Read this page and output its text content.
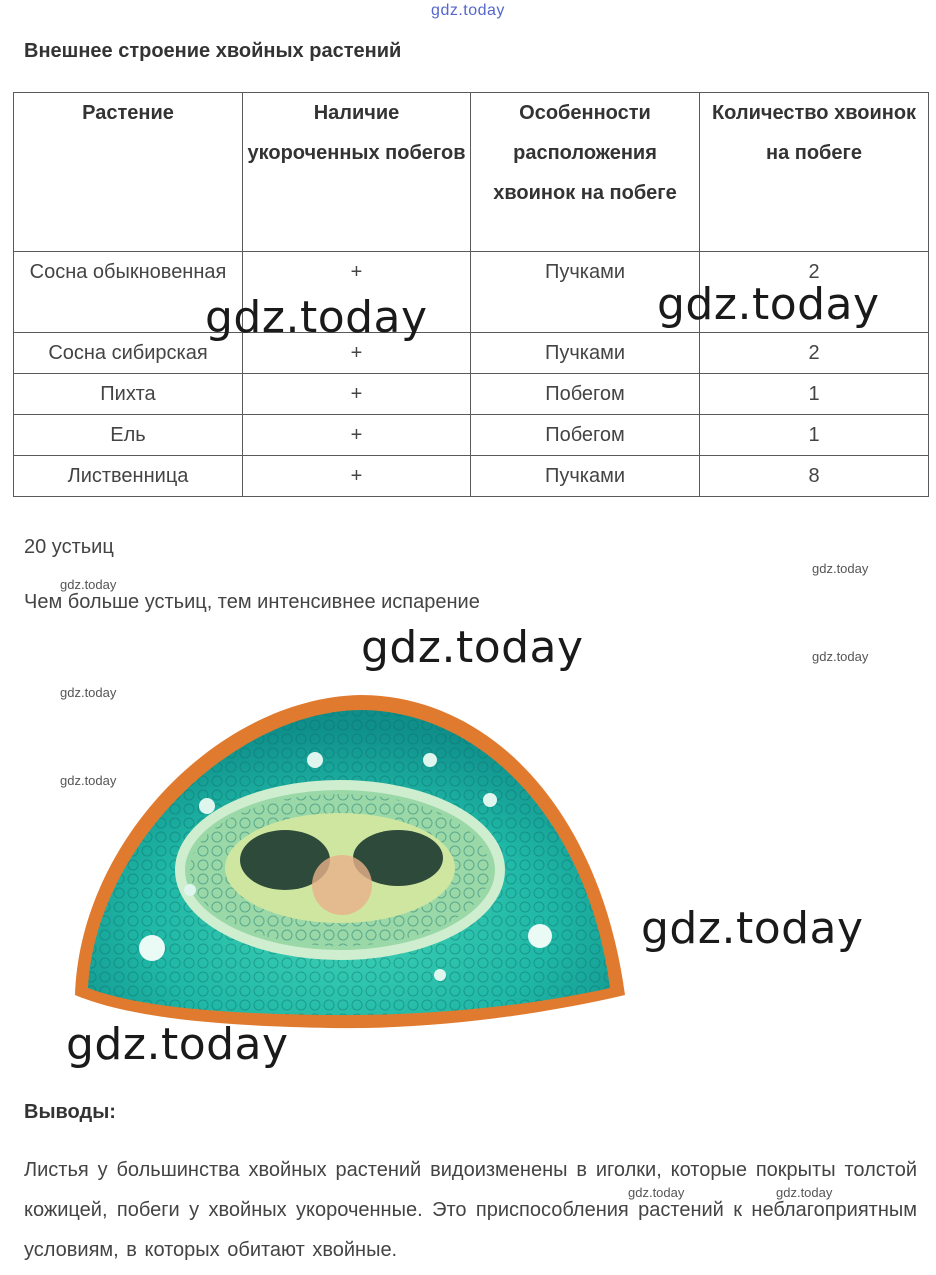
gdz.today
Внешнее строение хвойных растений
Растение	Наличие укороченных побегов	Особенности расположения хвоинок на побеге	Количество хвоинок на побеге
Сосна обыкновенная	+	Пучками	2
Сосна сибирская	+	Пучками	2
Пихта	+	Побегом	1
Ель	+	Побегом	1
Лиственница	+	Пучками	8
gdz.today	gdz.today
20 устьиц
gdz.today
gdz.today
Чем больше устьиц, тем интенсивнее испарение
gdz.today	gdz.today
gdz.today
gdz.today
gdz.today
gdz.today
Выводы:
Листья у большинства хвойных растений видоизменены в иголки, которые покрыты толстой кожицей, побеги у хвойных укороченные. Это приспособления растений к неблагоприятным условиям, в которых обитают хвойные.
gdz.today	gdz.today
